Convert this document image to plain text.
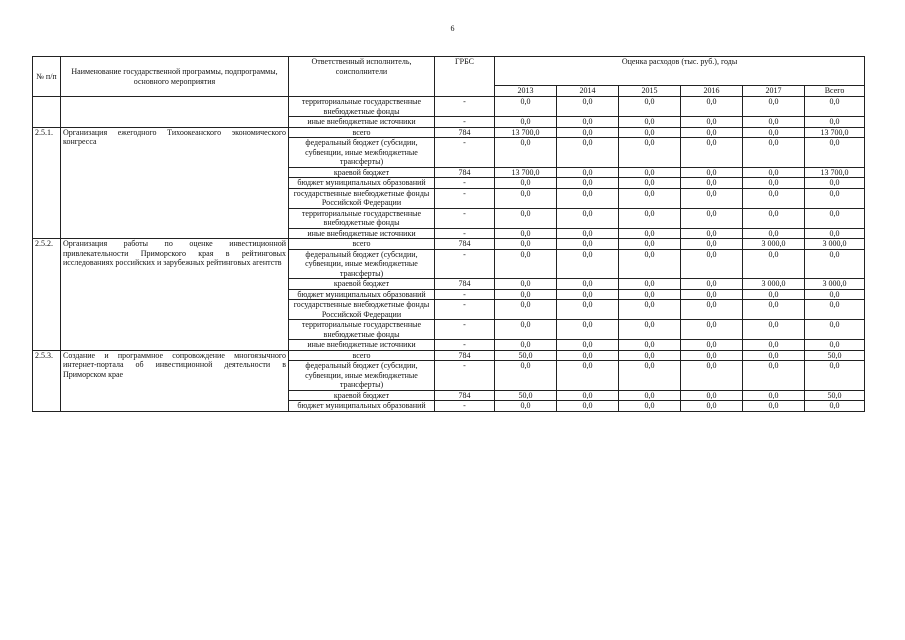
6
№ п/п	Наименование государственной программы, подпрограммы, основного мероприятия	Ответственный исполнитель, соисполнители	ГРБС	Оценка расходов (тыс. руб.), годы					
				2013	2014	2015	2016	2017	Всего
		территориальные государственные внебюджетные фонды	-	0,0	0,0	0,0	0,0	0,0	0,0
		иные внебюджетные источники	-	0,0	0,0	0,0	0,0	0,0	0,0
2.5.1.	Организация ежегодного Тихоокеанского экономического конгресса	всего	784	13 700,0	0,0	0,0	0,0	0,0	13 700,0
		федеральный бюджет (субсидии, субвенции, иные межбюджетные трансферты)	-	0,0	0,0	0,0	0,0	0,0	0,0
		краевой бюджет	784	13 700,0	0,0	0,0	0,0	0,0	13 700,0
		бюджет муниципальных образований	-	0,0	0,0	0,0	0,0	0,0	0,0
		государственные внебюджетные фонды Российской Федерации	-	0,0	0,0	0,0	0,0	0,0	0,0
		территориальные государственные внебюджетные фонды	-	0,0	0,0	0,0	0,0	0,0	0,0
		иные внебюджетные источники	-	0,0	0,0	0,0	0,0	0,0	0,0
2.5.2.	Организация работы по оценке инвестиционной привлекательности Приморского края в рейтинговых исследованиях российских и зарубежных рейтинговых агентств	всего	784	0,0	0,0	0,0	0,0	3 000,0	3 000,0
		федеральный бюджет (субсидии, субвенции, иные межбюджетные трансферты)	-	0,0	0,0	0,0	0,0	0,0	0,0
		краевой бюджет	784	0,0	0,0	0,0	0,0	3 000,0	3 000,0
		бюджет муниципальных образований	-	0,0	0,0	0,0	0,0	0,0	0,0
		государственные внебюджетные фонды Российской Федерации	-	0,0	0,0	0,0	0,0	0,0	0,0
		территориальные государственные внебюджетные фонды	-	0,0	0,0	0,0	0,0	0,0	0,0
		иные внебюджетные источники	-	0,0	0,0	0,0	0,0	0,0	0,0
2.5.3.	Создание и программное сопровождение многоязычного интернет-портала об инвестиционной деятельности в Приморском крае	всего	784	50,0	0,0	0,0	0,0	0,0	50,0
		федеральный бюджет (субсидии, субвенции, иные межбюджетные трансферты)	-	0,0	0,0	0,0	0,0	0,0	0,0
		краевой бюджет	784	50,0	0,0	0,0	0,0	0,0	50,0
		бюджет муниципальных образований	-	0,0	0,0	0,0	0,0	0,0	0,0
